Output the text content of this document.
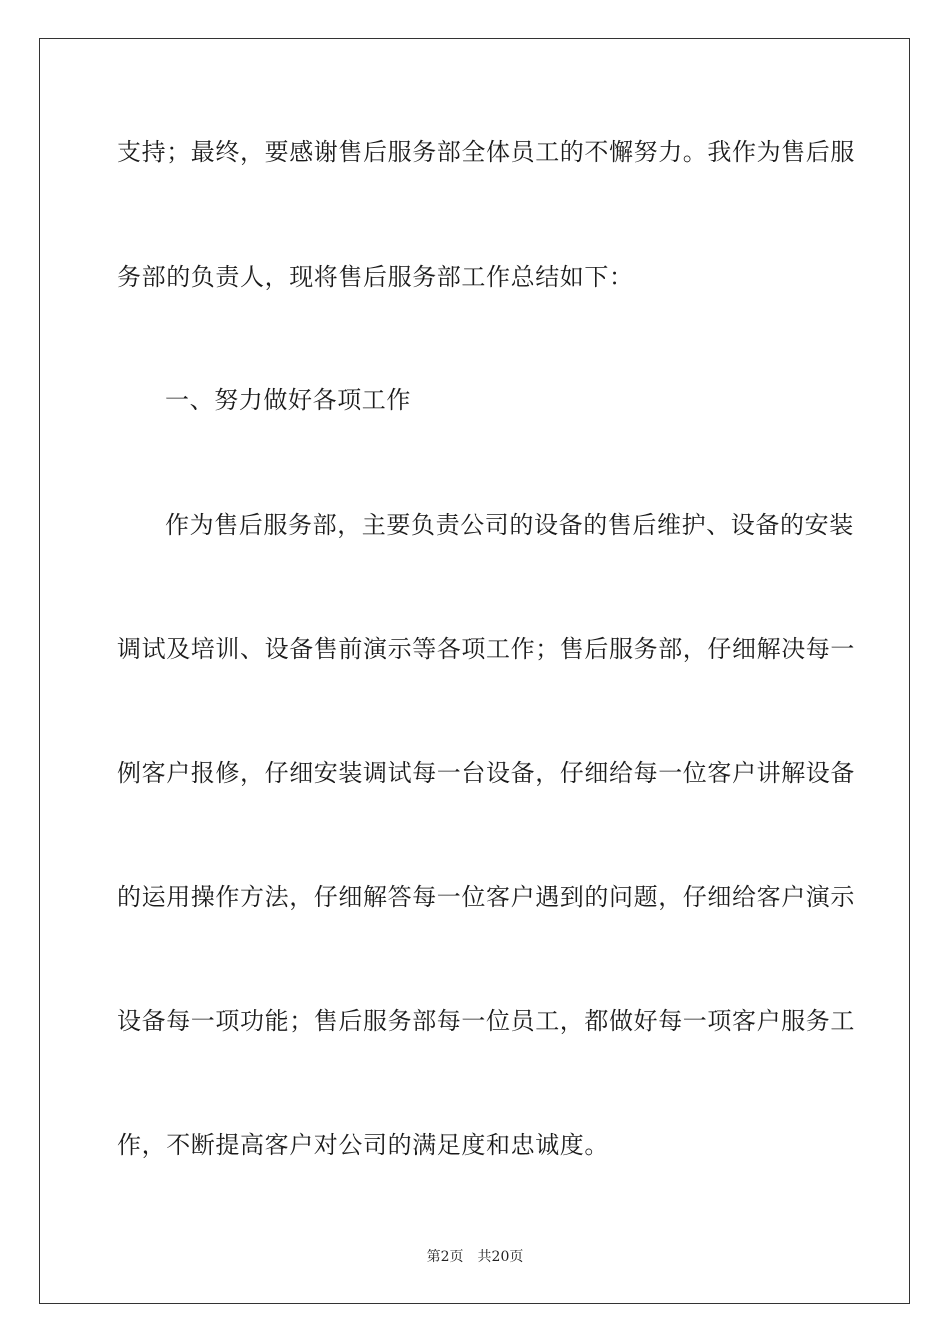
支持；最终，要感谢售后服务部全体员工的不懈努力。我作为售后服
务部的负责人，现将售后服务部工作总结如下：
一、努力做好各项工作
作为售后服务部，主要负责公司的设备的售后维护、设备的安装
调试及培训、设备售前演示等各项工作；售后服务部，仔细解决每一
例客户报修，仔细安装调试每一台设备，仔细给每一位客户讲解设备
的运用操作方法，仔细解答每一位客户遇到的问题，仔细给客户演示
设备每一项功能；售后服务部每一位员工，都做好每一项客户服务工
作，不断提高客户对公司的满足度和忠诚度。
第2页 共20页
